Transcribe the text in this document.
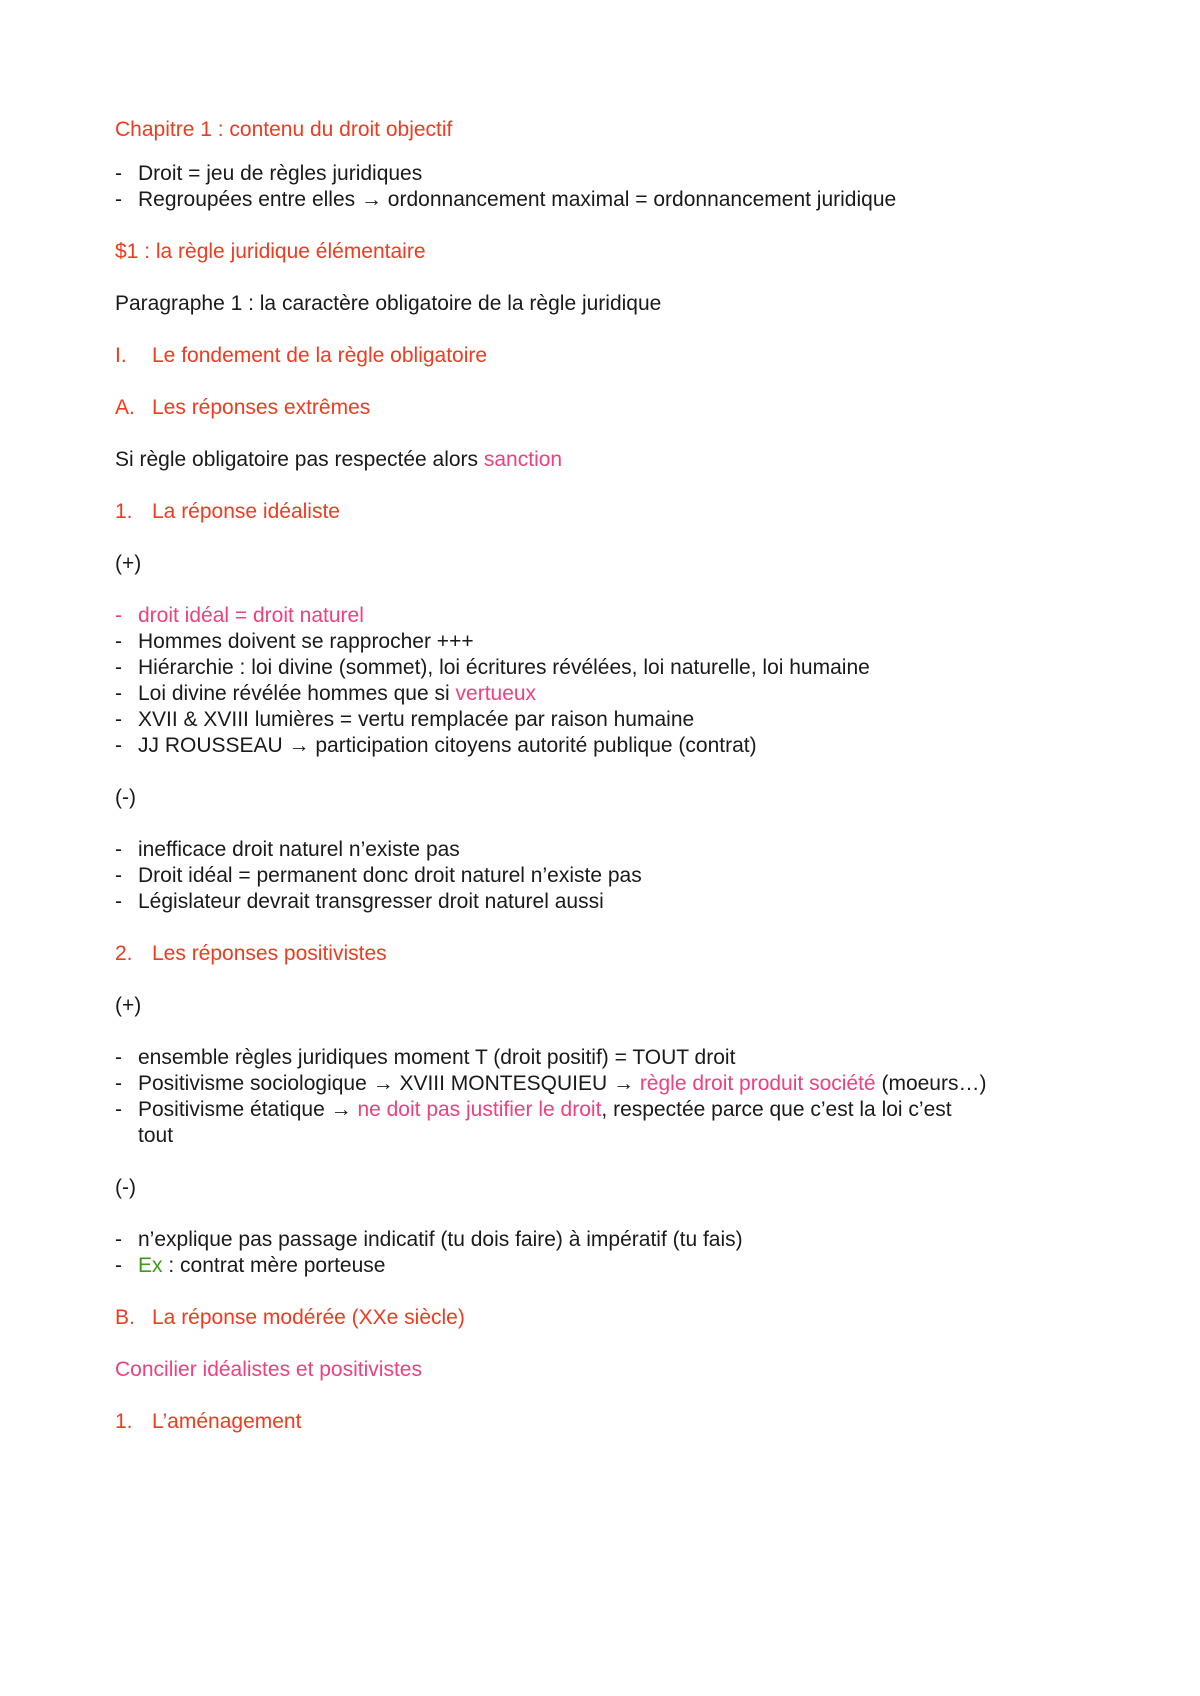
Chapitre 1 : contenu du droit objectif
- Droit = jeu de règles juridiques
- Regroupées entre elles → ordonnancement maximal = ordonnancement juridique
$1 : la règle juridique élémentaire
Paragraphe 1 : la caractère obligatoire de la règle juridique
I. Le fondement de la règle obligatoire
A. Les réponses extrêmes
Si règle obligatoire pas respectée alors sanction
1. La réponse idéaliste
(+)
- droit idéal = droit naturel
- Hommes doivent se rapprocher +++
- Hiérarchie : loi divine (sommet), loi écritures révélées, loi naturelle, loi humaine
- Loi divine révélée hommes que si vertueux
- XVII & XVIII lumières = vertu remplacée par raison humaine
- JJ ROUSSEAU → participation citoyens autorité publique (contrat)
(-)
- inefficace droit naturel n’existe pas
- Droit idéal = permanent donc droit naturel n’existe pas
- Législateur devrait transgresser droit naturel aussi
2. Les réponses positivistes
(+)
- ensemble règles juridiques moment T (droit positif) = TOUT droit
- Positivisme sociologique → XVIII MONTESQUIEU → règle droit produit société (moeurs…)
- Positivisme étatique → ne doit pas justifier le droit, respectée parce que c’est la loi c’est
tout
(-)
- n’explique pas passage indicatif (tu dois faire) à impératif (tu fais)
- Ex : contrat mère porteuse
B. La réponse modérée (XXe siècle)
Concilier idéalistes et positivistes
1. L’aménagement
